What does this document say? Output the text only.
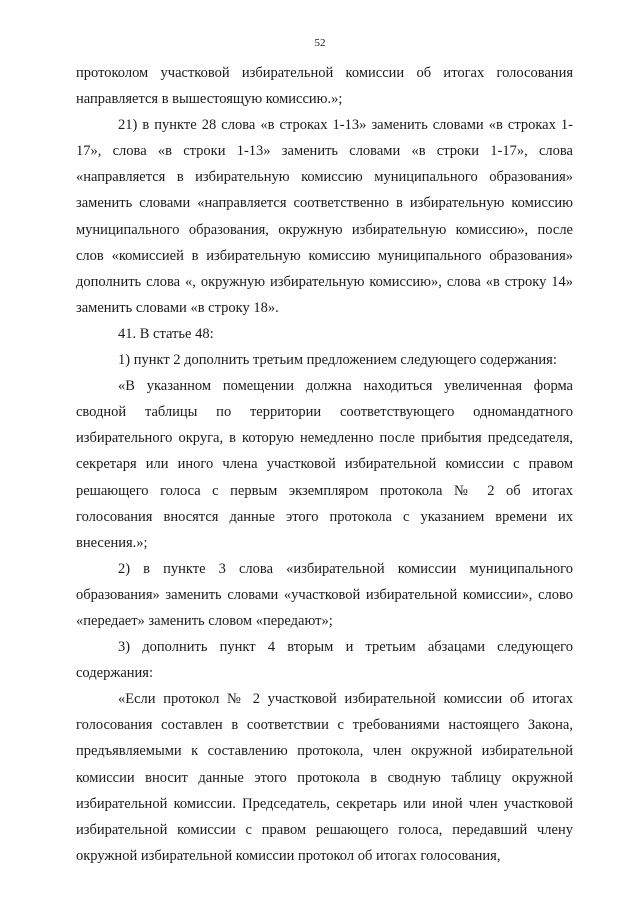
52

протоколом участковой избирательной комиссии об итогах голосования направляется в вышестоящую комиссию.»;

21) в пункте 28 слова «в строках 1-13» заменить словами «в строках 1-17», слова «в строки 1-13» заменить словами «в строки 1-17», слова «направляется в избирательную комиссию муниципального образования» заменить словами «направляется соответственно в избирательную комиссию муниципального образования, окружную избирательную комиссию», после слов «комиссией в избирательную комиссию муниципального образования» дополнить слова «, окружную избирательную комиссию», слова «в строку 14» заменить словами «в строку 18».

41. В статье 48:

1) пункт 2 дополнить третьим предложением следующего содержания:

«В указанном помещении должна находиться увеличенная форма сводной таблицы по территории соответствующего одномандатного избирательного округа, в которую немедленно после прибытия председателя, секретаря или иного члена участковой избирательной комиссии с правом решающего голоса с первым экземпляром протокола № 2 об итогах голосования вносятся данные этого протокола с указанием времени их внесения.»;

2) в пункте 3 слова «избирательной комиссии муниципального образования» заменить словами «участковой избирательной комиссии», слово «передает» заменить словом «передают»;

3) дополнить пункт 4 вторым и третьим абзацами следующего содержания:

«Если протокол № 2 участковой избирательной комиссии об итогах голосования составлен в соответствии с требованиями настоящего Закона, предъявляемыми к составлению протокола, член окружной избирательной комиссии вносит данные этого протокола в сводную таблицу окружной избирательной комиссии. Председатель, секретарь или иной член участковой избирательной комиссии с правом решающего голоса, передавший члену окружной избирательной комиссии протокол об итогах голосования,
